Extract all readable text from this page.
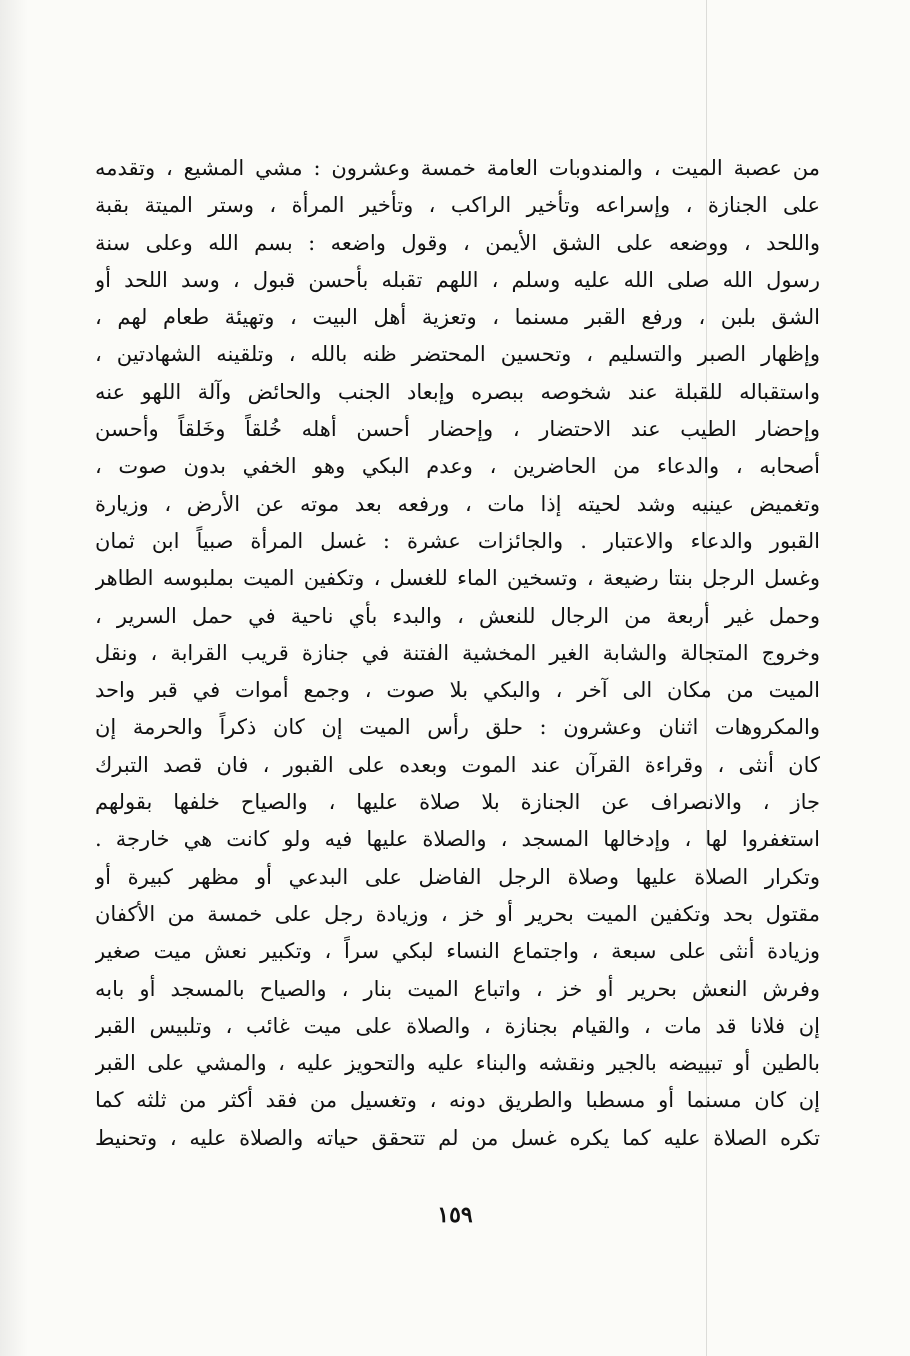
من عصبة الميت ، والمندوبات العامة خمسة وعشرون : مشي المشيع ، وتقدمه
على الجنازة ، وإسراعه وتأخير الراكب ، وتأخير المرأة ، وستر الميتة بقبة
واللحد ، ووضعه على الشق الأيمن ، وقول واضعه : بسم الله وعلى سنة
رسول الله صلى الله عليه وسلم ، اللهم تقبله بأحسن قبول ، وسد اللحد أو
الشق بلبن ، ورفع القبر مسنما ، وتعزية أهل البيت ، وتهيئة طعام لهم ،
وإظهار الصبر والتسليم ، وتحسين المحتضر ظنه بالله ، وتلقينه الشهادتين ،
واستقباله للقبلة عند شخوصه ببصره وإبعاد الجنب والحائض وآلة اللهو عنه
وإحضار الطيب عند الاحتضار ، وإحضار أحسن أهله خُلقاً وخَلقاً وأحسن
أصحابه ، والدعاء من الحاضرين ، وعدم البكي وهو الخفي بدون صوت ،
وتغميض عينيه وشد لحيته إذا مات ، ورفعه بعد موته عن الأرض ، وزيارة
القبور والدعاء والاعتبار . والجائزات عشرة : غسل المرأة صبياً ابن ثمان
وغسل الرجل بنتا رضيعة ، وتسخين الماء للغسل ، وتكفين الميت بملبوسه الطاهر
وحمل غير أربعة من الرجال للنعش ، والبدء بأي ناحية في حمل السرير ،
وخروج المتجالة والشابة الغير المخشية الفتنة في جنازة قريب القرابة ، ونقل
الميت من مكان الى آخر ، والبكي بلا صوت ، وجمع أموات في قبر واحد
والمكروهات اثنان وعشرون : حلق رأس الميت إن كان ذكراً والحرمة إن
كان أنثى ، وقراءة القرآن عند الموت وبعده على القبور ، فان قصد التبرك
جاز ، والانصراف عن الجنازة بلا صلاة عليها ، والصياح خلفها بقولهم
استغفروا لها ، وإدخالها المسجد ، والصلاة عليها فيه ولو كانت هي خارجة .
وتكرار الصلاة عليها وصلاة الرجل الفاضل على البدعي أو مظهر كبيرة أو
مقتول بحد وتكفين الميت بحرير أو خز ، وزيادة رجل على خمسة من الأكفان
وزيادة أنثى على سبعة ، واجتماع النساء لبكي سراً ، وتكبير نعش ميت صغير
وفرش النعش بحرير أو خز ، واتباع الميت بنار ، والصياح بالمسجد أو بابه
إن فلانا قد مات ، والقيام بجنازة ، والصلاة على ميت غائب ، وتلبيس القبر
بالطين أو تبييضه بالجير ونقشه والبناء عليه والتحويز عليه ، والمشي على القبر
إن كان مسنما أو مسطبا والطريق دونه ، وتغسيل من فقد أكثر من ثلثه كما
تكره الصلاة عليه كما يكره غسل من لم تتحقق حياته والصلاة عليه ، وتحنيط
١٥٩
